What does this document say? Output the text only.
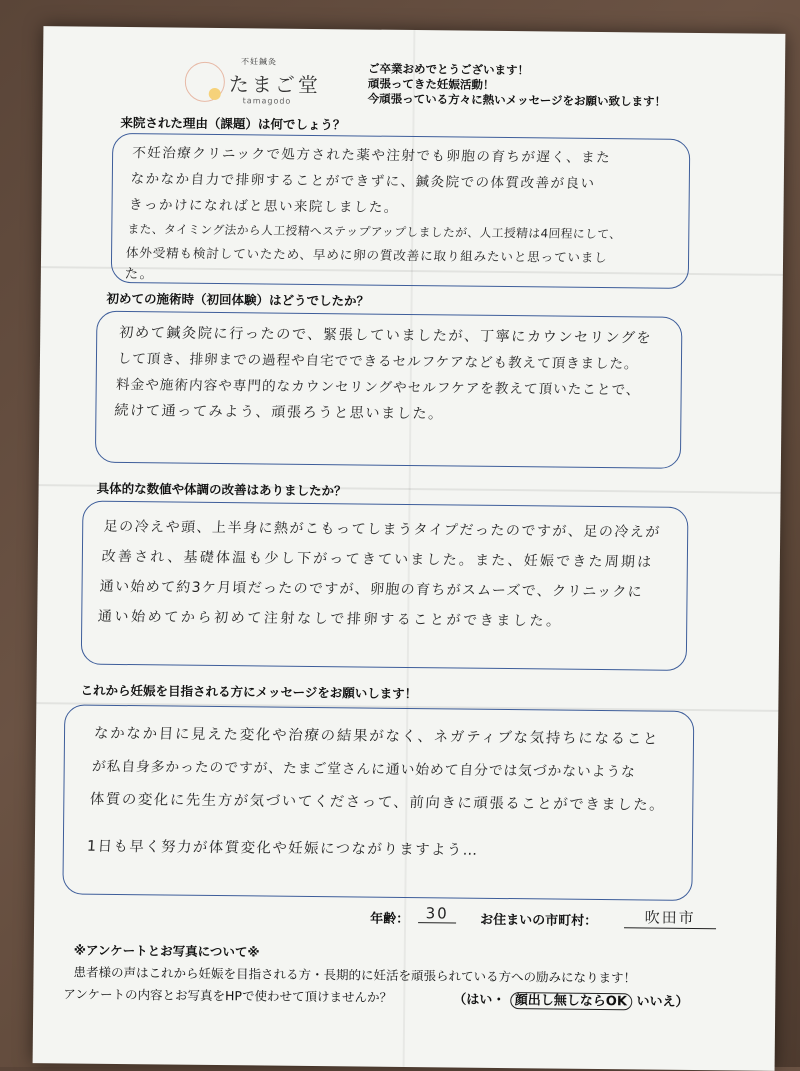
不妊鍼灸
たまご堂
tamagodo
ご卒業おめでとうございます！
頑張ってきた妊娠活動！
今頑張っている方々に熱いメッセージをお願い致します！
来院された理由（課題）は何でしょう？
不妊治療クリニックで処方された薬や注射でも卵胞の育ちが遅く、また
なかなか自力で排卵することができずに、鍼灸院での体質改善が良い
きっかけになればと思い来院しました。
また、タイミング法から人工授精へステップアップしましたが、人工授精は4回程にして、
体外受精も検討していたため、早めに卵の質改善に取り組みたいと思っていまし
た。
初めての施術時（初回体験）はどうでしたか？
初めて鍼灸院に行ったので、緊張していましたが、丁寧にカウンセリングを
して頂き、排卵までの過程や自宅でできるセルフケアなども教えて頂きました。
料金や施術内容や専門的なカウンセリングやセルフケアを教えて頂いたことで、
続けて通ってみよう、頑張ろうと思いました。
具体的な数値や体調の改善はありましたか？
足の冷えや頭、上半身に熱がこもってしまうタイプだったのですが、足の冷えが
改善され、基礎体温も少し下がってきていました。また、妊娠できた周期は
通い始めて約3ケ月頃だったのですが、卵胞の育ちがスムーズで、クリニックに
通い始めてから初めて注射なしで排卵することができました。
これから妊娠を目指される方にメッセージをお願いします！
なかなか目に見えた変化や治療の結果がなく、ネガティブな気持ちになること
が私自身多かったのですが、たまご堂さんに通い始めて自分では気づかないような
体質の変化に先生方が気づいてくださって、前向きに頑張ることができました。
1日も早く努力が体質変化や妊娠につながりますよう…
年齢：	30	お住まいの市町村：	吹田市
※アンケートとお写真について※
患者様の声はこれから妊娠を目指される方・長期的に妊活を頑張られている方への励みになります！
アンケートの内容とお写真をHPで使わせて頂けませんか？	（はい・ 顔出し無しならOK いいえ）
